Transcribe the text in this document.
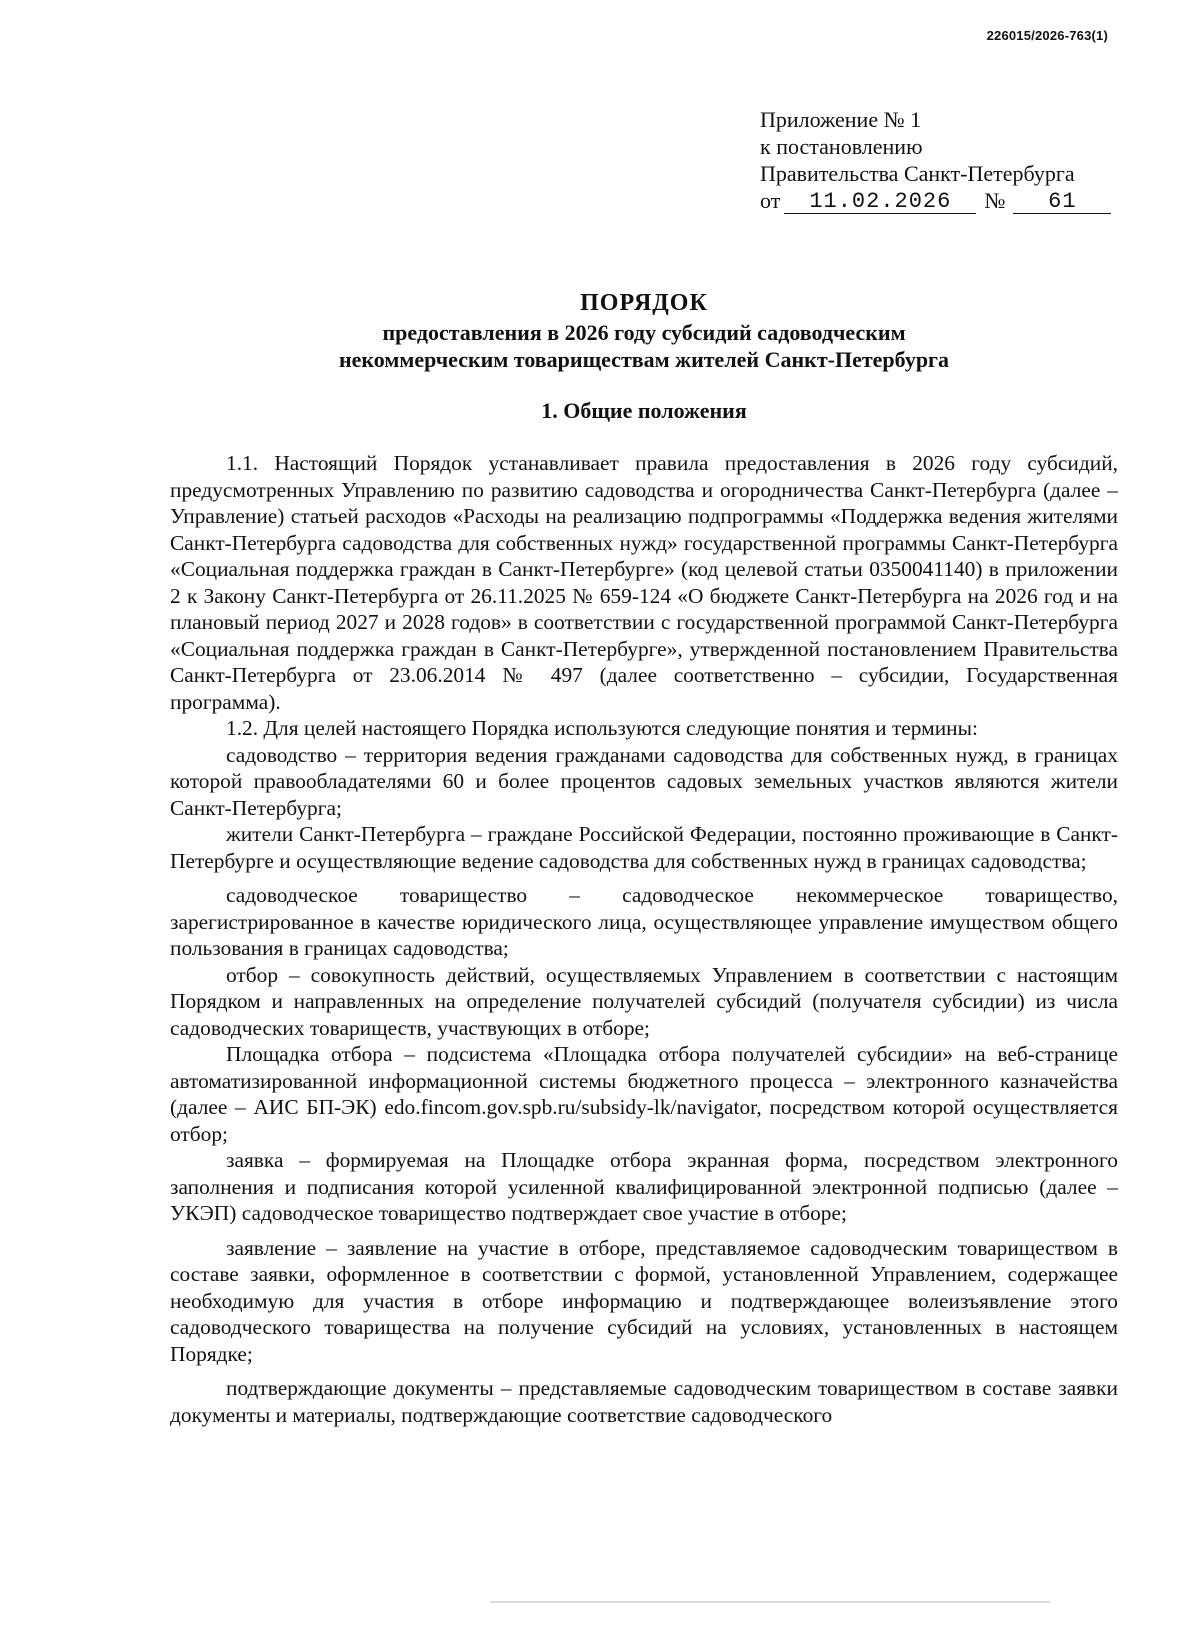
226015/2026-763(1)
Приложение № 1
к постановлению
Правительства Санкт-Петербурга
от	11.02.2026	№	61
ПОРЯДОК
предоставления в 2026 году субсидий садоводческим
некоммерческим товариществам жителей Санкт-Петербурга
1. Общие положения

1.1. Настоящий Порядок устанавливает правила предоставления в 2026 году субсидий, предусмотренных Управлению по развитию садоводства и огородничества Санкт-Петербурга (далее – Управление) статьей расходов «Расходы на реализацию подпрограммы «Поддержка ведения жителями Санкт-Петербурга садоводства для собственных нужд» государственной программы Санкт-Петербурга «Социальная поддержка граждан в Санкт-Петербурге» (код целевой статьи 0350041140) в приложении 2 к Закону Санкт-Петербурга от 26.11.2025 № 659-124 «О бюджете Санкт-Петербурга на 2026 год и на плановый период 2027 и 2028 годов» в соответствии с государственной программой Санкт-Петербурга «Социальная поддержка граждан в Санкт-Петербурге», утвержденной постановлением Правительства Санкт-Петербурга от 23.06.2014 № 497 (далее соответственно – субсидии, Государственная программа).

1.2. Для целей настоящего Порядка используются следующие понятия и термины:

садоводство – территория ведения гражданами садоводства для собственных нужд, в границах которой правообладателями 60 и более процентов садовых земельных участков являются жители Санкт-Петербурга;

жители Санкт-Петербурга – граждане Российской Федерации, постоянно проживающие в Санкт-Петербурге и осуществляющие ведение садоводства для собственных нужд в границах садоводства;

садоводческое товарищество – садоводческое некоммерческое товарищество, зарегистрированное в качестве юридического лица, осуществляющее управление имуществом общего пользования в границах садоводства;

отбор – совокупность действий, осуществляемых Управлением в соответствии с настоящим Порядком и направленных на определение получателей субсидий (получателя субсидии) из числа садоводческих товариществ, участвующих в отборе;

Площадка отбора – подсистема «Площадка отбора получателей субсидии» на веб-странице автоматизированной информационной системы бюджетного процесса – электронного казначейства (далее – АИС БП-ЭК) edo.fincom.gov.spb.ru/subsidy-lk/navigator, посредством которой осуществляется отбор;

заявка – формируемая на Площадке отбора экранная форма, посредством электронного заполнения и подписания которой усиленной квалифицированной электронной подписью (далее – УКЭП) садоводческое товарищество подтверждает свое участие в отборе;

заявление – заявление на участие в отборе, представляемое садоводческим товариществом в составе заявки, оформленное в соответствии с формой, установленной Управлением, содержащее необходимую для участия в отборе информацию и подтверждающее волеизъявление этого садоводческого товарищества на получение субсидий на условиях, установленных в настоящем Порядке;

подтверждающие документы – представляемые садоводческим товариществом в составе заявки документы и материалы, подтверждающие соответствие садоводческого
